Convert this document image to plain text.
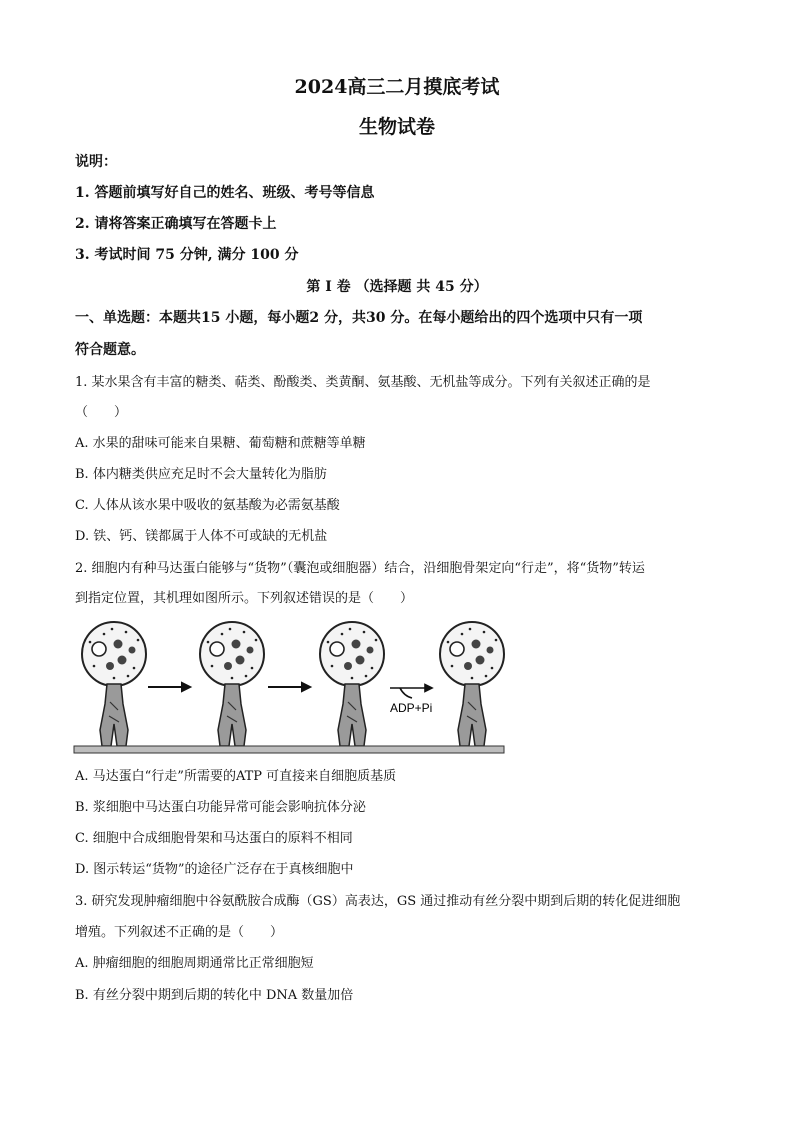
2024高三二月摸底考试
生物试卷
说明：
1. 答题前填写好自己的姓名、班级、考号等信息
2. 请将答案正确填写在答题卡上
3. 考试时间 75 分钟, 满分 100 分
第 I 卷 （选择题 共 45 分）
一、单选题：本题共15 小题，每小题2 分，共30 分。在每小题给出的四个选项中只有一项
符合题意。
1. 某水果含有丰富的糖类、萜类、酚酸类、类黄酮、氨基酸、无机盐等成分。下列有关叙述正确的是
（　　）
A. 水果的甜味可能来自果糖、葡萄糖和蔗糖等单糖
B. 体内糖类供应充足时不会大量转化为脂肪
C. 人体从该水果中吸收的氨基酸为必需氨基酸
D. 铁、钙、镁都属于人体不可或缺的无机盐
2. 细胞内有种马达蛋白能够与“货物”（囊泡或细胞器）结合，沿细胞骨架定向“行走”，将“货物”转运
到指定位置，其机理如图所示。下列叙述错误的是（　　）
ADP+Pi
A. 马达蛋白“行走”所需要的ATP 可直接来自细胞质基质
B. 浆细胞中马达蛋白功能异常可能会影响抗体分泌
C. 细胞中合成细胞骨架和马达蛋白的原料不相同
D. 图示转运“货物”的途径广泛存在于真核细胞中
3. 研究发现肿瘤细胞中谷氨酰胺合成酶（GS）高表达，GS 通过推动有丝分裂中期到后期的转化促进细胞
增殖。下列叙述不正确的是（　　）
A. 肿瘤细胞的细胞周期通常比正常细胞短
B. 有丝分裂中期到后期的转化中 DNA 数量加倍
